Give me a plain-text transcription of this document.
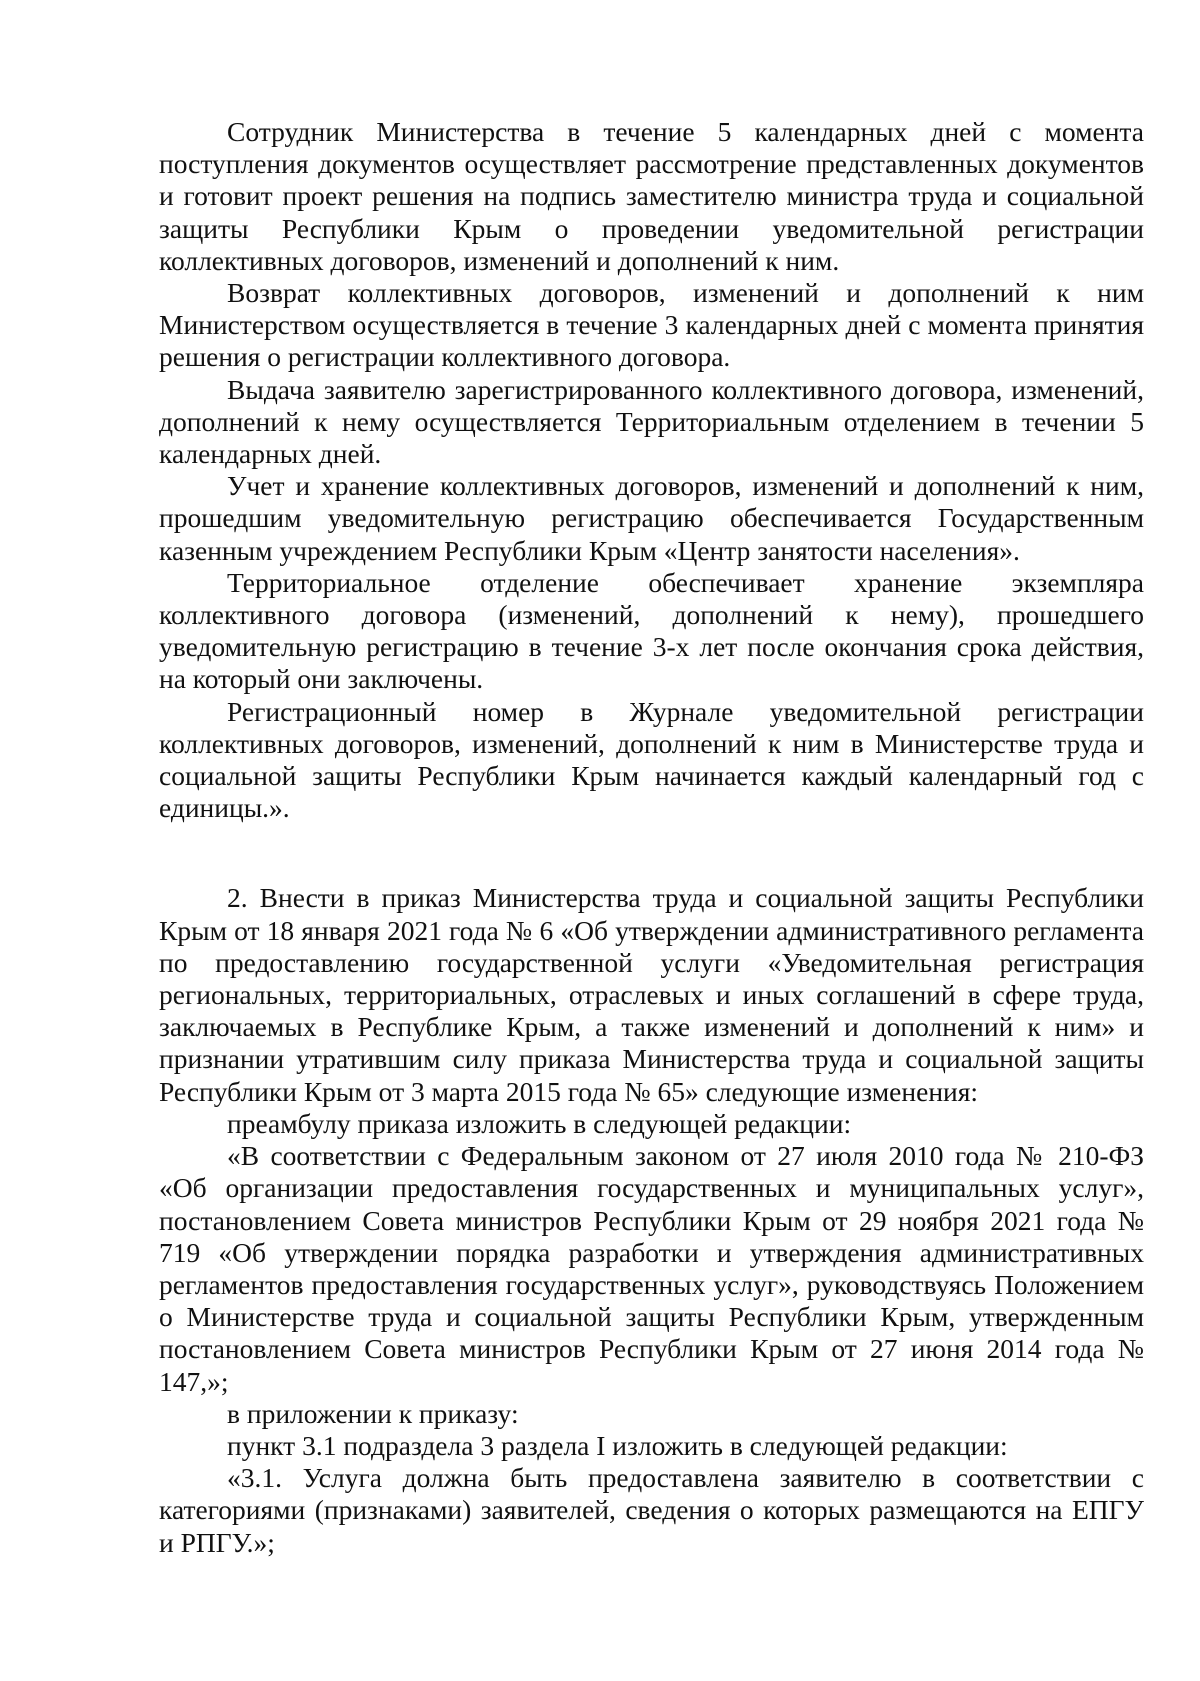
Сотрудник Министерства в течение 5 календарных дней с момента поступления документов осуществляет рассмотрение представленных документов и готовит проект решения на подпись заместителю министра труда и социальной защиты Республики Крым о проведении уведомительной регистрации коллективных договоров, изменений и дополнений к ним.

Возврат коллективных договоров, изменений и дополнений к ним Министерством осуществляется в течение 3 календарных дней с момента принятия решения о регистрации коллективного договора.

Выдача заявителю зарегистрированного коллективного договора, изменений, дополнений к нему осуществляется Территориальным отделением в течении 5 календарных дней.

Учет и хранение коллективных договоров, изменений и дополнений к ним, прошедшим уведомительную регистрацию обеспечивается Государственным казенным учреждением Республики Крым «Центр занятости населения».

Территориальное отделение обеспечивает хранение экземпляра коллективного договора (изменений, дополнений к нему), прошедшего уведомительную регистрацию в течение 3-х лет после окончания срока действия, на который они заключены.

Регистрационный номер в Журнале уведомительной регистрации коллективных договоров, изменений, дополнений к ним в Министерстве труда и социальной защиты Республики Крым начинается каждый календарный год с единицы.».

2. Внести в приказ Министерства труда и социальной защиты Республики Крым от 18 января 2021 года № 6 «Об утверждении административного регламента по предоставлению государственной услуги «Уведомительная регистрация региональных, территориальных, отраслевых и иных соглашений в сфере труда, заключаемых в Республике Крым, а также изменений и дополнений к ним» и признании утратившим силу приказа Министерства труда и социальной защиты Республики Крым от 3 марта 2015 года № 65» следующие изменения:

преамбулу приказа изложить в следующей редакции:

«В соответствии с Федеральным законом от 27 июля 2010 года № 210-ФЗ «Об организации предоставления государственных и муниципальных услуг», постановлением Совета министров Республики Крым от 29 ноября 2021 года № 719 «Об утверждении порядка разработки и утверждения административных регламентов предоставления государственных услуг», руководствуясь Положением о Министерстве труда и социальной защиты Республики Крым, утвержденным постановлением Совета министров Республики Крым от 27 июня 2014 года № 147,»;

в приложении к приказу:

пункт 3.1 подраздела 3 раздела I изложить в следующей редакции:

«3.1. Услуга должна быть предоставлена заявителю в соответствии с категориями (признаками) заявителей, сведения о которых размещаются на ЕПГУ и РПГУ.»;
